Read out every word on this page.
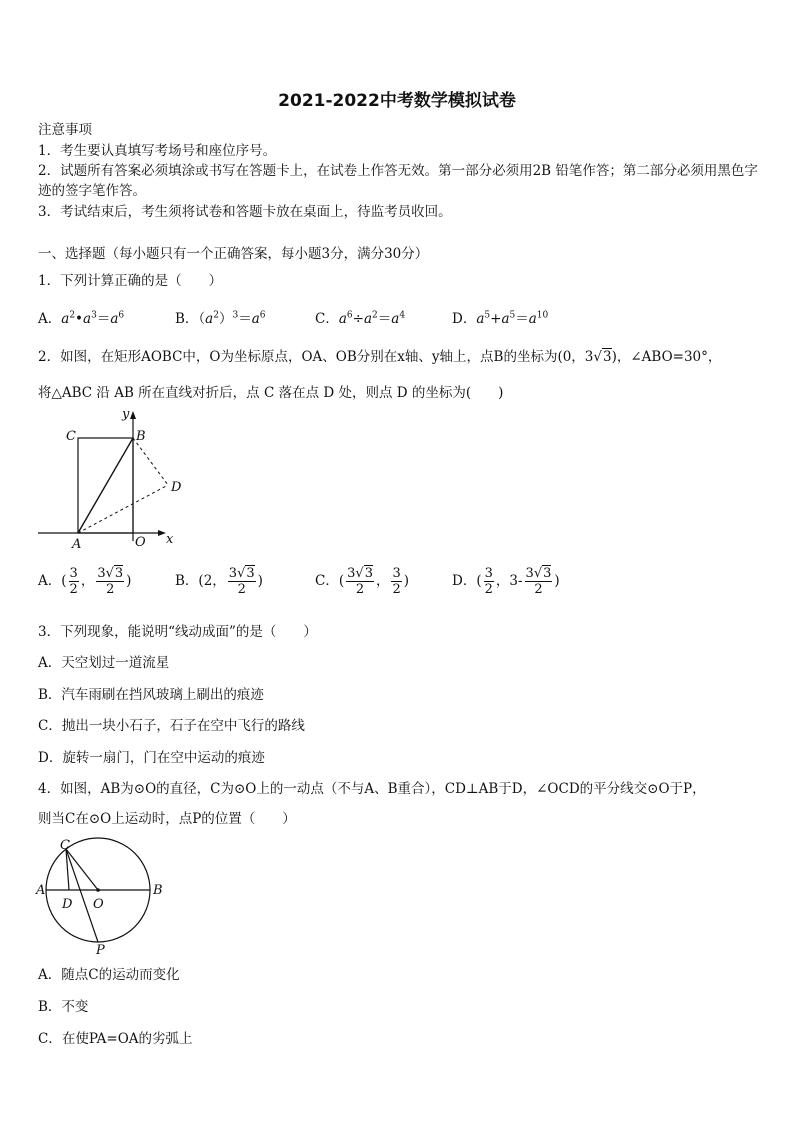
2021-2022中考数学模拟试卷
注意事项
1．考生要认真填写考场号和座位序号。
2．试题所有答案必须填涂或书写在答题卡上，在试卷上作答无效。第一部分必须用2B 铅笔作答；第二部分必须用黑色字迹的签字笔作答。
3．考试结束后，考生须将试卷和答题卡放在桌面上，待监考员收回。
一、选择题（每小题只有一个正确答案，每小题3分，满分30分）
1．下列计算正确的是（　　）
A．$a^2•a^3=a^6$	B．$(a^2)^3=a^6$	C．$a^6\div a^2=a^4$	D．$a^5+a^5=a^{10}$
2．如图，在矩形AOBC中，O为坐标原点，OA、OB分别在x轴、y轴上，点B的坐标为(0，3√3)，∠ABO=30°，
将△ABC 沿 AB 所在直线对折后，点 C 落在点 D 处，则点 D 的坐标为(　　)
C	B
D
A	O x
y
A．( $\frac{3}{2}$ ， $\frac{3√3}{2}$ )	B．(2， $\frac{3√3}{2}$ )	C．( $\frac{3√3}{2}$ ， $\frac{3}{2}$ )	D．( $\frac{3}{2}$ ，$3- \frac{3√3}{2}$ )
3．下列现象，能说明“线动成面”的是（　　）
A．天空划过一道流星
B．汽车雨刷在挡风玻璃上刷出的痕迹
C．抛出一块小石子，石子在空中飞行的路线
D．旋转一扇门，门在空中运动的痕迹
4．如图，AB为⊙O的直径，C为⊙O上的一动点（不与A、B重合），CD⊥AB于D，∠OCD的平分线交⊙O于P，
则当C在⊙O上运动时，点P的位置（　　）
C
A
D O
B
P
A．随点C的运动而变化
B．不变
C．在使PA=OA的劣弧上
